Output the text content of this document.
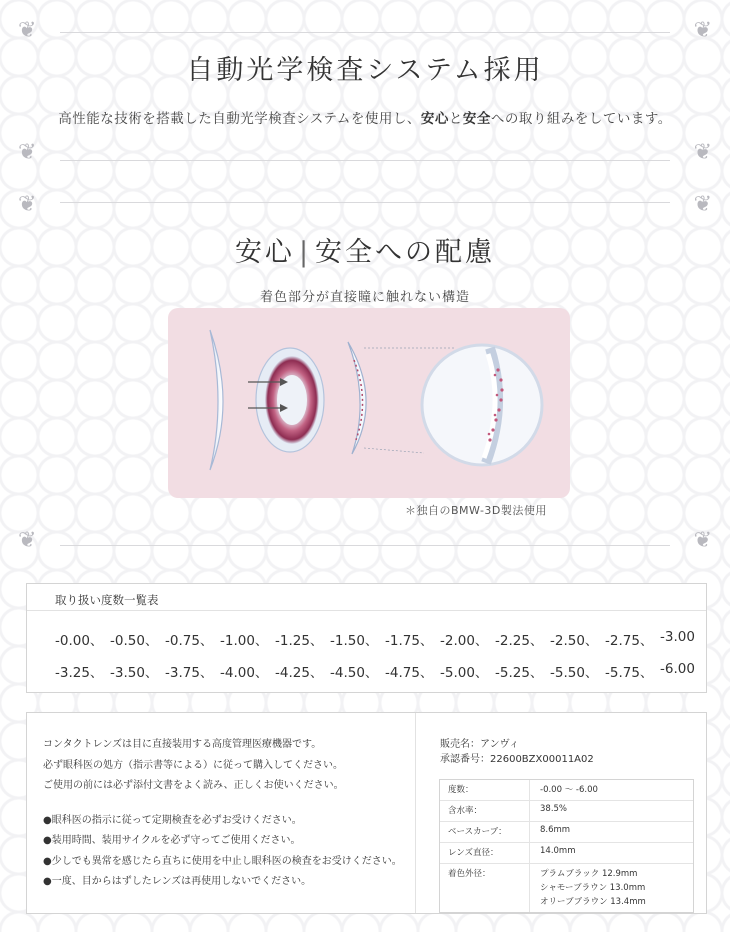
❦	❦
❦	❦
自動光学検査システム採用
高性能な技術を搭載した自動光学検査システムを使用し、安心と安全への取り組みをしています。
❦	❦
❦	❦
安心 | 安全への配慮
着色部分が直接瞳に触れない構造
＊独自のBMW-3D製法使用
取り扱い度数一覧表
-0.00、 -0.50、 -0.75、 -1.00、 -1.25、 -1.50、 -1.75、 -2.00、 -2.25、 -2.50、 -2.75、 -3.00
-3.25、 -3.50、 -3.75、 -4.00、 -4.25、 -4.50、 -4.75、 -5.00、 -5.25、 -5.50、 -5.75、 -6.00

コンタクトレンズは目に直接装用する高度管理医療機器です。

必ず眼科医の処方（指示書等による）に従って購入してください。

ご使用の前には必ず添付文書をよく読み、正しくお使いください。

●眼科医の指示に従って定期検査を必ずお受けください。

●装用時間、装用サイクルを必ず守ってご使用ください。

●少しでも異常を感じたら直ちに使用を中止し眼科医の検査をお受けください。

●一度、目からはずしたレンズは再使用しないでください。

販売名：アンヴィ

承認番号：22600BZX00011A02

度数：	-0.00 ～ -6.00
含水率：	38.5%
ベースカーブ：	8.6mm
レンズ直径：	14.0mm
着色外径：	プラムブラック 12.9mm
シャモーブラウン 13.0mm
オリーブブラウン 13.4mm
